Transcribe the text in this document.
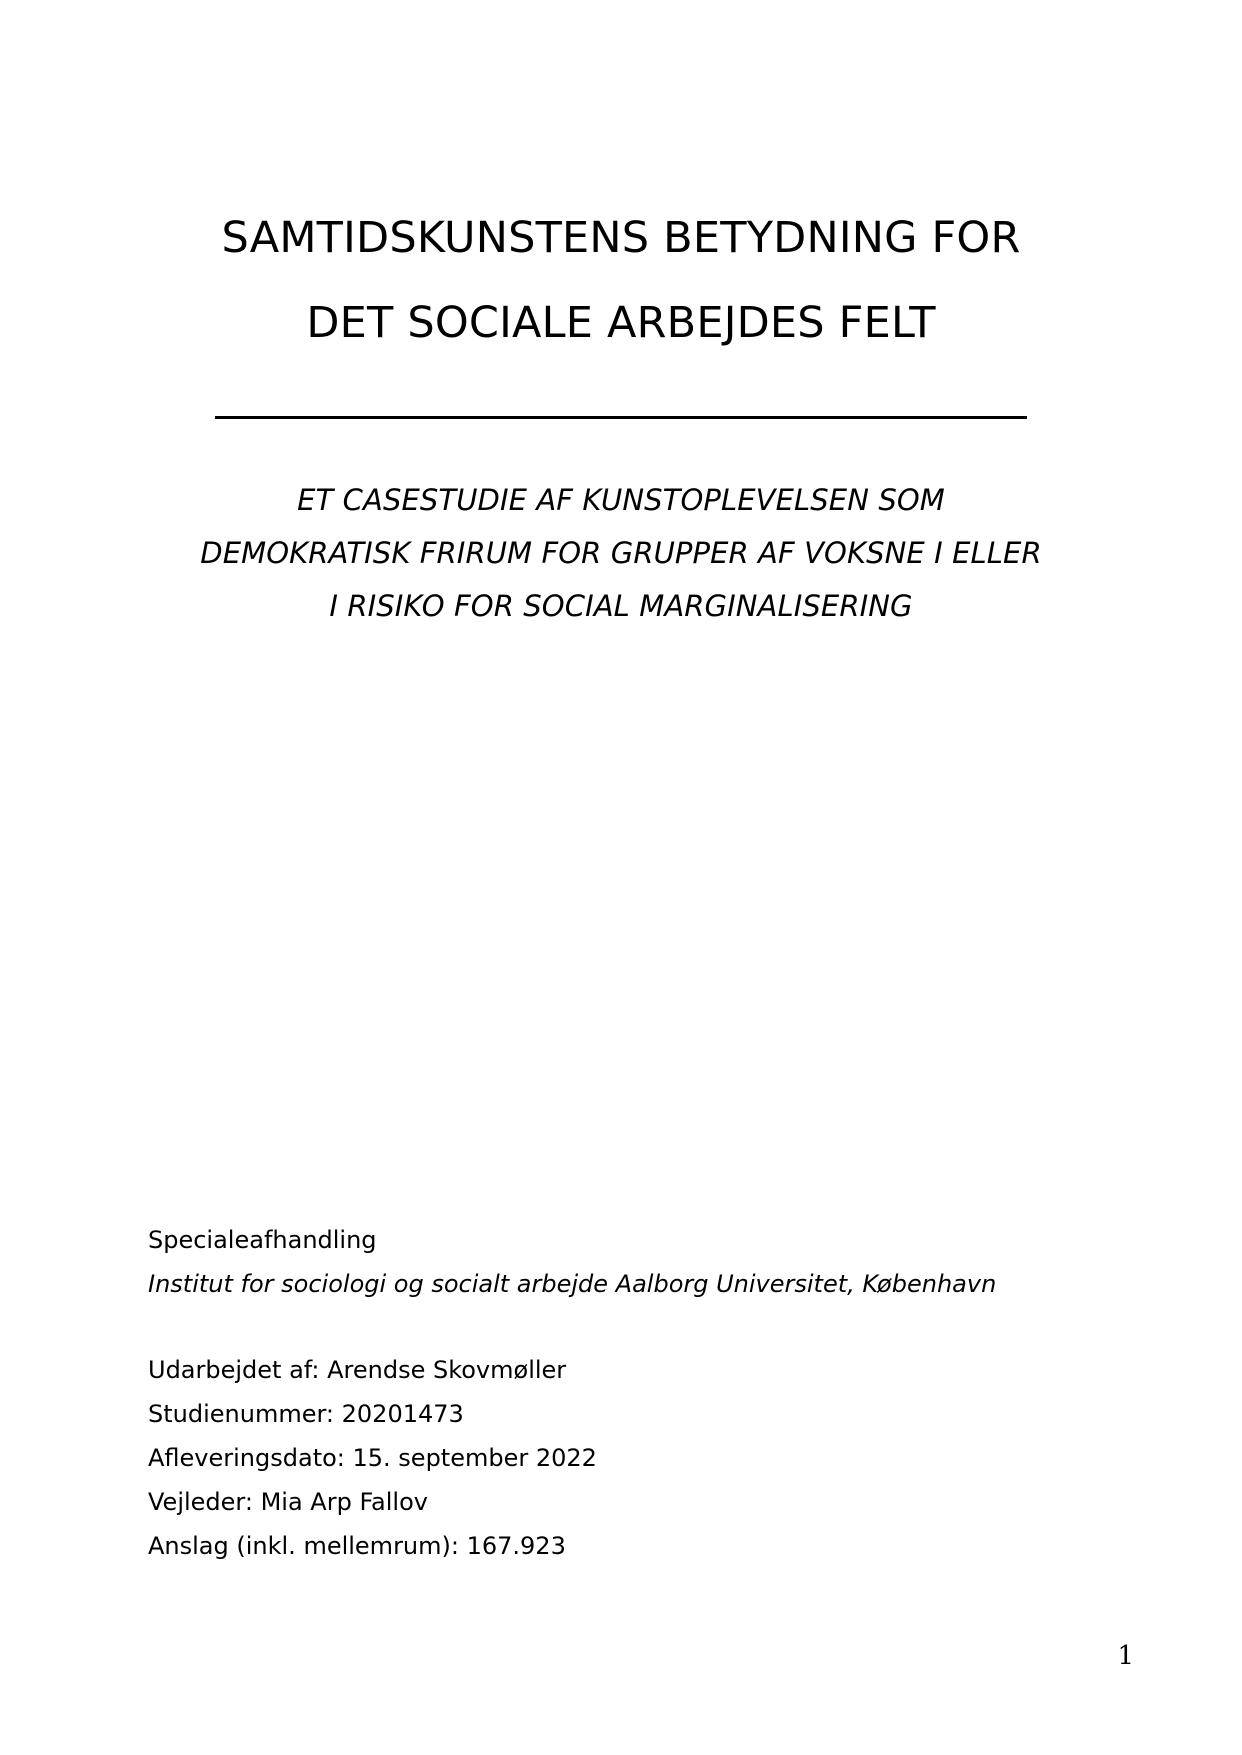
SAMTIDSKUNSTENS BETYDNING FOR
DET SOCIALE ARBEJDES FELT
ET CASESTUDIE AF KUNSTOPLEVELSEN SOM
DEMOKRATISK FRIRUM FOR GRUPPER AF VOKSNE I ELLER
I RISIKO FOR SOCIAL MARGINALISERING
Specialeafhandling
Institut for sociologi og socialt arbejde Aalborg Universitet, København
Udarbejdet af: Arendse Skovmøller
Studienummer: 20201473
Afleveringsdato: 15. september 2022
Vejleder: Mia Arp Fallov
Anslag (inkl. mellemrum): 167.923
1
